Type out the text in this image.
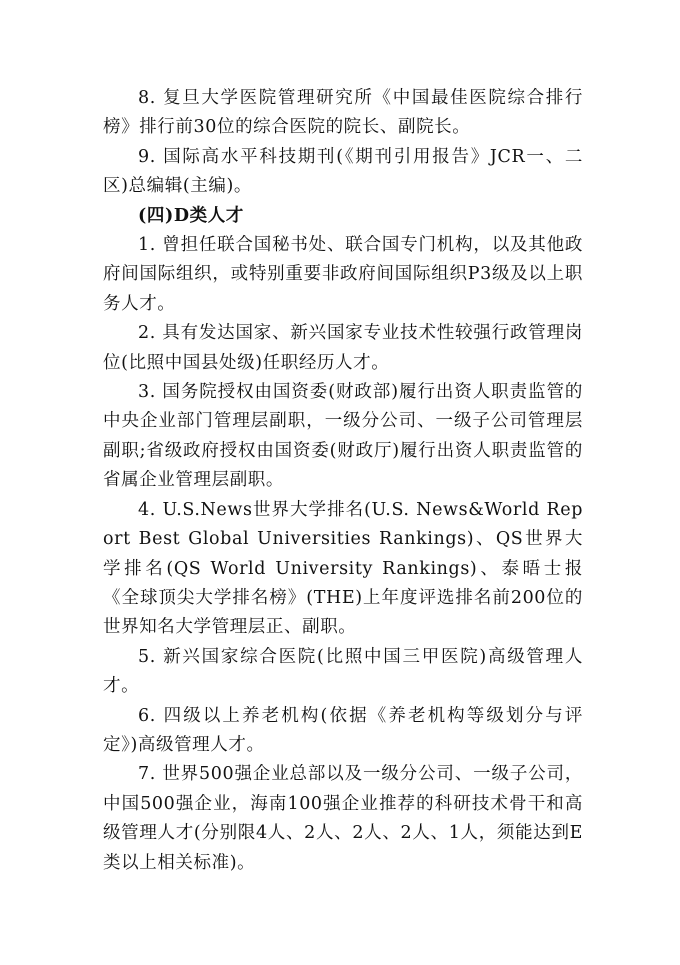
8. 复旦大学医院管理研究所《中国最佳医院综合排行榜》排行前30位的综合医院的院长、副院长。

9. 国际高水平科技期刊(《期刊引用报告》JCR一、二区)总编辑(主编)。

(四)D类人才

1. 曾担任联合国秘书处、联合国专门机构，以及其他政府间国际组织，或特别重要非政府间国际组织P3级及以上职务人才。

2. 具有发达国家、新兴国家专业技术性较强行政管理岗位(比照中国县处级)任职经历人才。

3. 国务院授权由国资委(财政部)履行出资人职责监管的中央企业部门管理层副职，一级分公司、一级子公司管理层副职;省级政府授权由国资委(财政厅)履行出资人职责监管的省属企业管理层副职。

4. U.S.News世界大学排名(U.S. News&World Report Best Global Universities Rankings)、QS世界大学排名(QS World University Rankings)、泰晤士报《全球顶尖大学排名榜》(THE)上年度评选排名前200位的世界知名大学管理层正、副职。

5. 新兴国家综合医院(比照中国三甲医院)高级管理人才。

6. 四级以上养老机构(依据《养老机构等级划分与评定》)高级管理人才。

7. 世界500强企业总部以及一级分公司、一级子公司，中国500强企业，海南100强企业推荐的科研技术骨干和高级管理人才(分别限4人、2人、2人、2人、1人，须能达到E类以上相关标准)。
